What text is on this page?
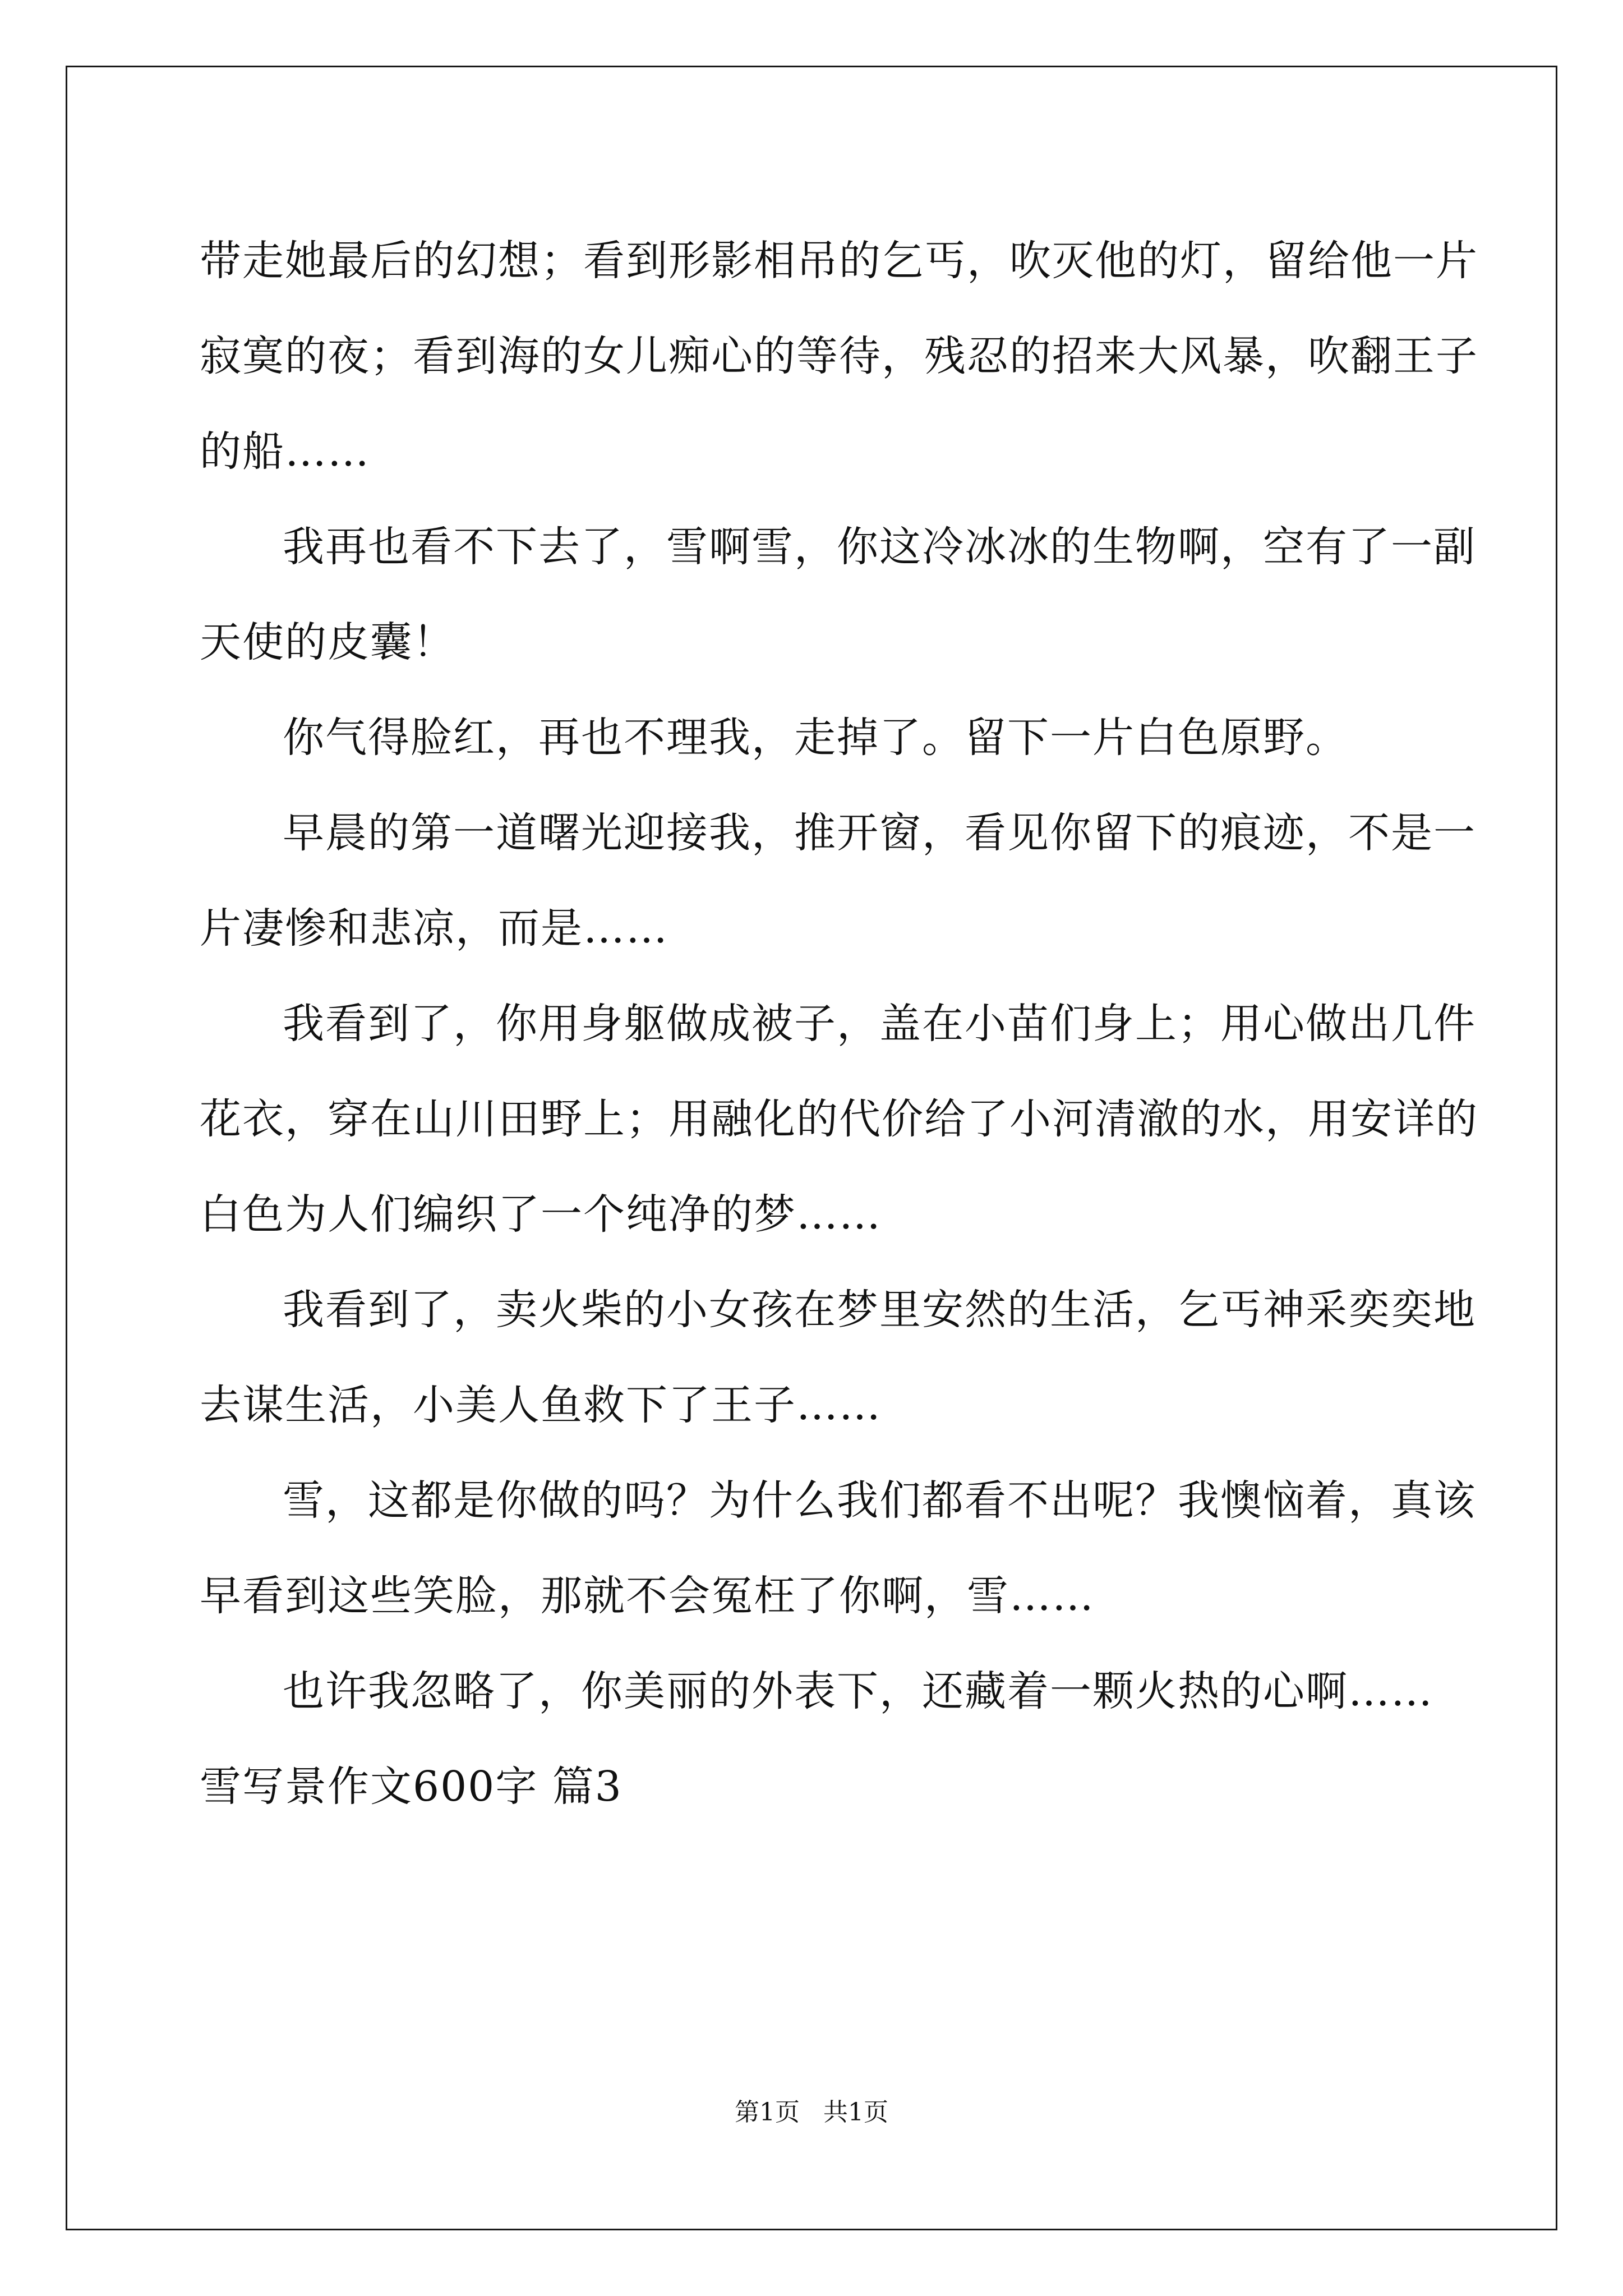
带走她最后的幻想；看到形影相吊的乞丐，吹灭他的灯，留给他一片
寂寞的夜；看到海的女儿痴心的等待，残忍的招来大风暴，吹翻王子
的船……
我再也看不下去了，雪啊雪，你这冷冰冰的生物啊，空有了一副
天使的皮囊！
你气得脸红，再也不理我，走掉了。留下一片白色原野。
早晨的第一道曙光迎接我，推开窗，看见你留下的痕迹，不是一
片凄惨和悲凉，而是……
我看到了，你用身躯做成被子，盖在小苗们身上；用心做出几件
花衣，穿在山川田野上；用融化的代价给了小河清澈的水，用安详的
白色为人们编织了一个纯净的梦……
我看到了，卖火柴的小女孩在梦里安然的生活，乞丐神采奕奕地
去谋生活，小美人鱼救下了王子……
雪，这都是你做的吗？为什么我们都看不出呢？我懊恼着，真该
早看到这些笑脸，那就不会冤枉了你啊，雪……
也许我忽略了，你美丽的外表下，还藏着一颗火热的心啊……
雪写景作文600字 篇3
第1页   共1页
